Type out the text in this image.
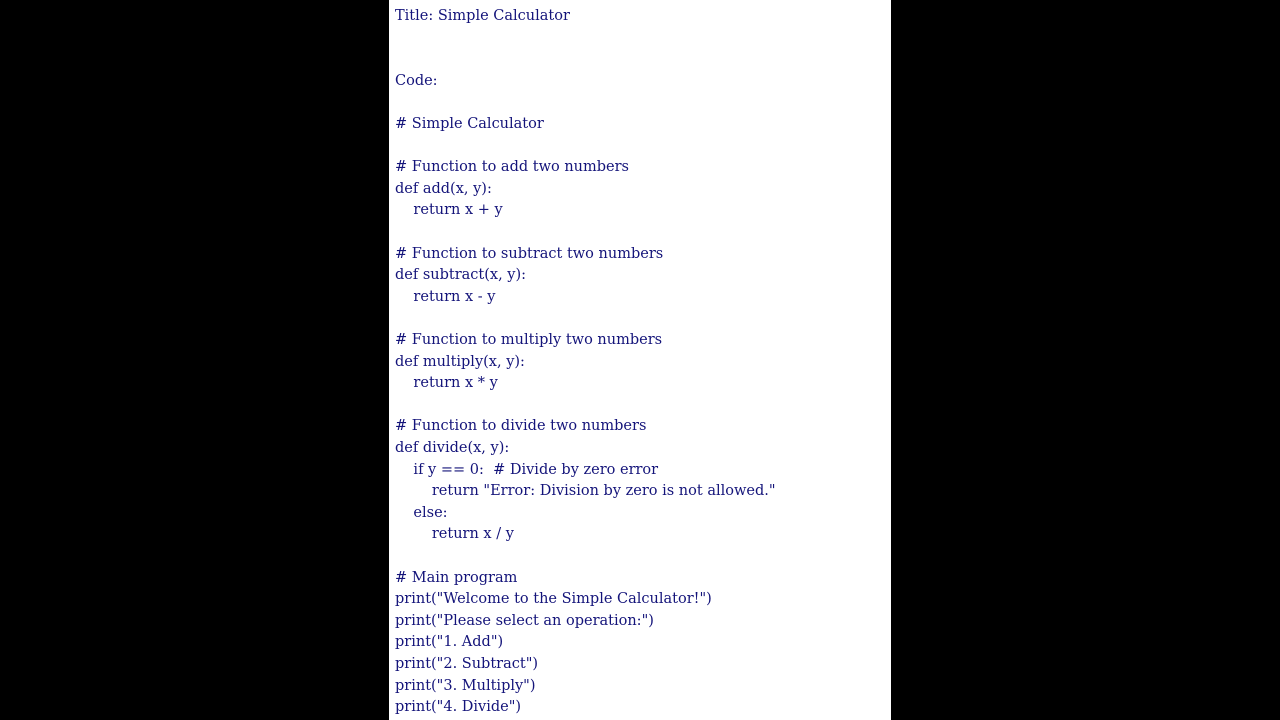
Title: Simple Calculator

Code:

# Simple Calculator

# Function to add two numbers

def add(x, y):

return x + y

# Function to subtract two numbers

def subtract(x, y):

return x - y

# Function to multiply two numbers

def multiply(x, y):

return x * y

# Function to divide two numbers

def divide(x, y):

if y == 0:  # Divide by zero error

return "Error: Division by zero is not allowed."

else:

return x / y

# Main program

print("Welcome to the Simple Calculator!")

print("Please select an operation:")

print("1. Add")

print("2. Subtract")

print("3. Multiply")

print("4. Divide")
